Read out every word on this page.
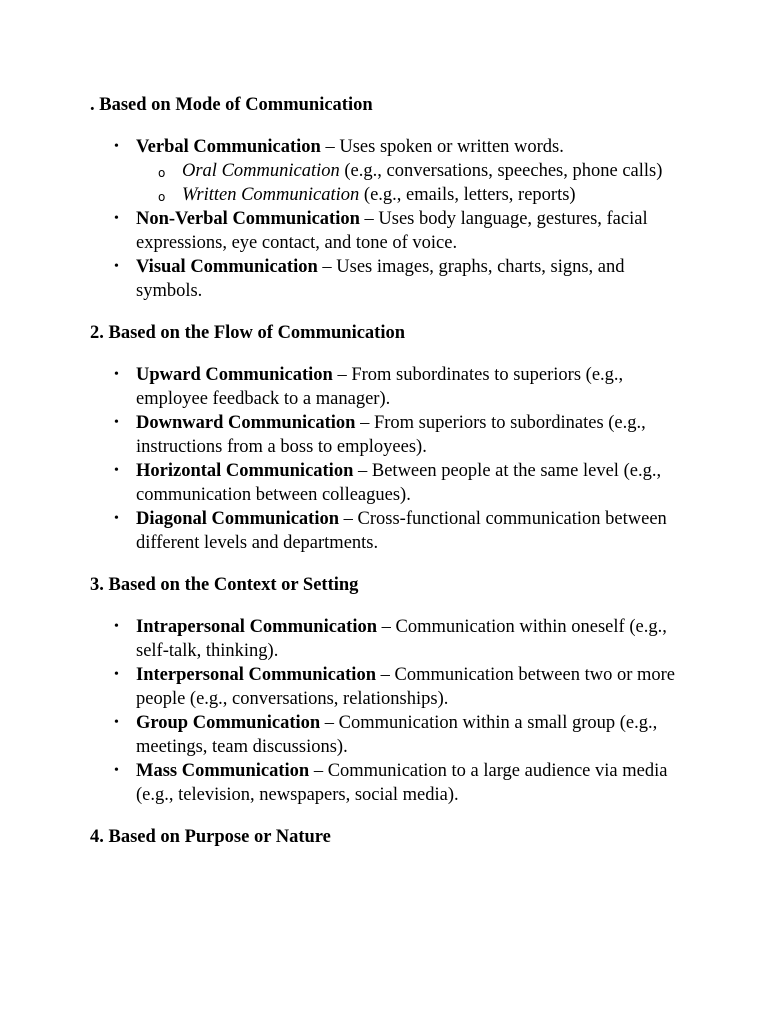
. Based on Mode of Communication
• Verbal Communication – Uses spoken or written words.
o Oral Communication (e.g., conversations, speeches, phone calls)
o Written Communication (e.g., emails, letters, reports)
• Non-Verbal Communication – Uses body language, gestures, facial expressions, eye contact, and tone of voice.
• Visual Communication – Uses images, graphs, charts, signs, and symbols.
2. Based on the Flow of Communication
• Upward Communication – From subordinates to superiors (e.g., employee feedback to a manager).
• Downward Communication – From superiors to subordinates (e.g., instructions from a boss to employees).
• Horizontal Communication – Between people at the same level (e.g., communication between colleagues).
• Diagonal Communication – Cross-functional communication between different levels and departments.
3. Based on the Context or Setting
• Intrapersonal Communication – Communication within oneself (e.g., self-talk, thinking).
• Interpersonal Communication – Communication between two or more people (e.g., conversations, relationships).
• Group Communication – Communication within a small group (e.g., meetings, team discussions).
• Mass Communication – Communication to a large audience via media (e.g., television, newspapers, social media).
4. Based on Purpose or Nature
